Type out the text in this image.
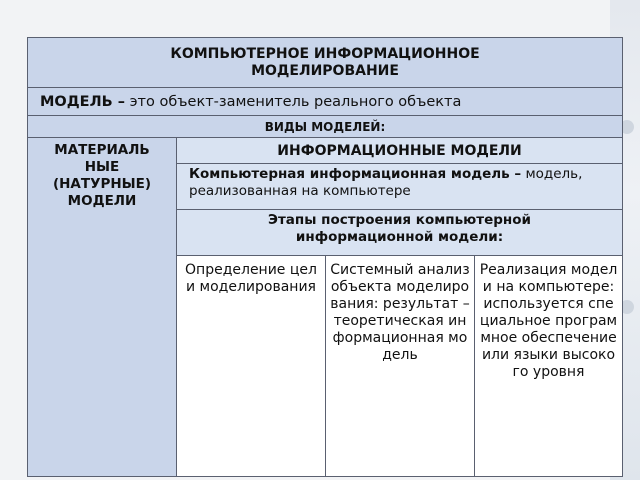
КОМПЬЮТЕРНОЕ ИНФОРМАЦИОННОЕ
МОДЕЛИРОВАНИЕ			

МОДЕЛЬ – это объект-заменитель реального объекта			
ВИДЫ МОДЕЛЕЙ:			

МАТЕРИАЛЬ
НЫЕ
(НАТУРНЫЕ)
МОДЕЛИ	ИНФОРМАЦИОННЫЕ МОДЕЛИ		
	Компьютерная информационная модель – модель, реализованная на компьютере		

	Этапы построения компьютерной
информационной модели:		

	Определение цели моделирования	Системный анализ объекта моделирования: результат – теоретическая информационная модель	Реализация модели на компьютере: используется специальное программное обеспечение или языки высокого уровня
